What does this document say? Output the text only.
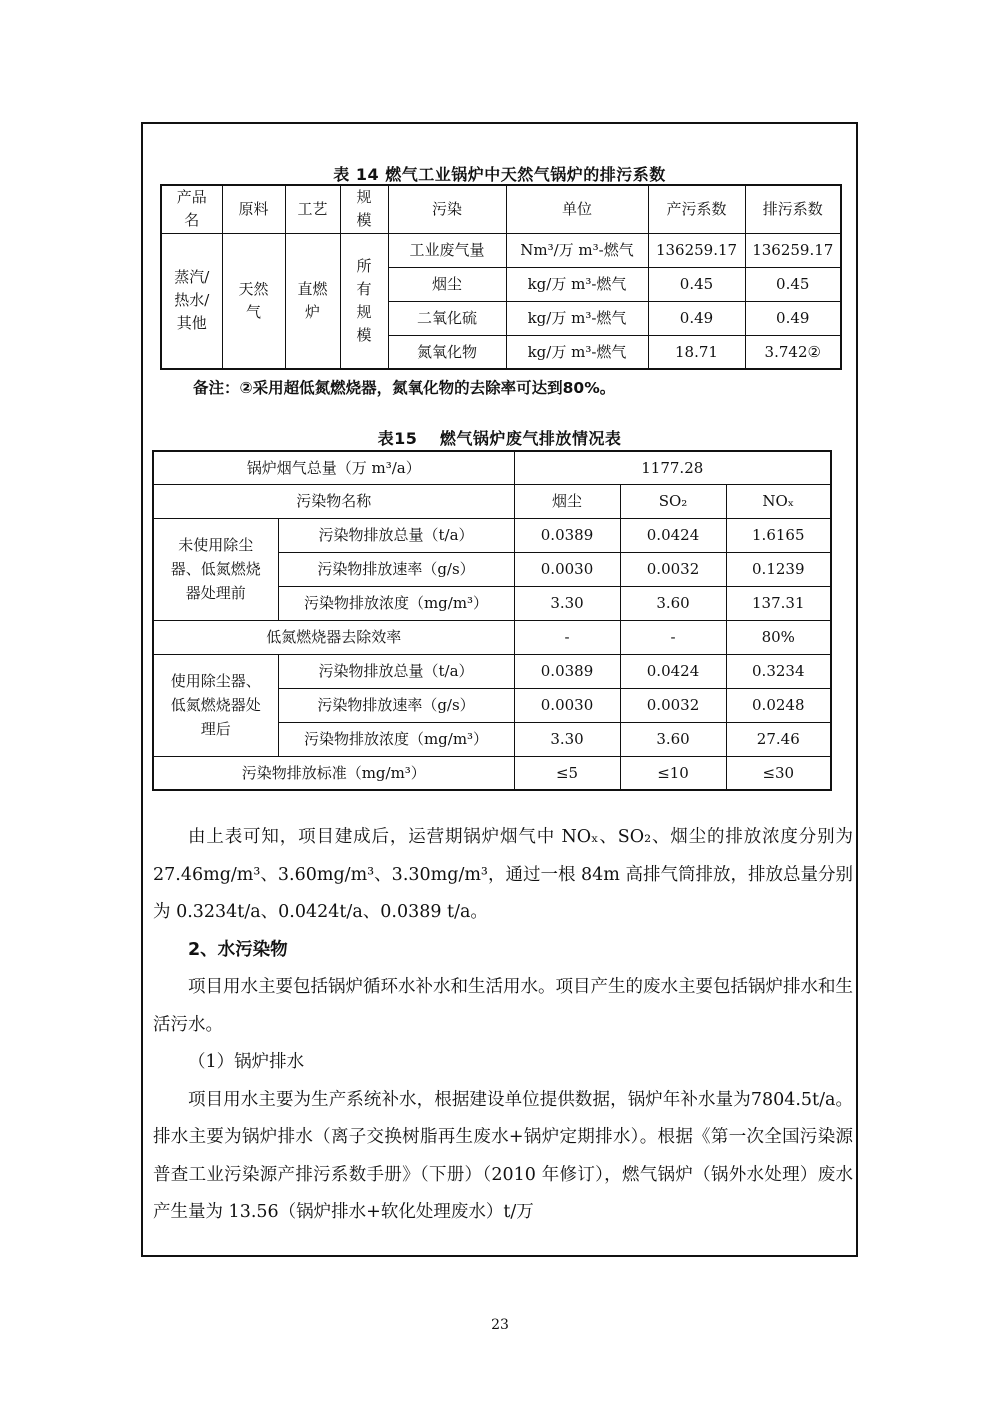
表 14 燃气工业锅炉中天然气锅炉的排污系数
产品名	原料	工艺	规模	污染	单位	产污系数	排污系数
蒸汽/热水/其他	天然气	直燃炉	所有规模	工业废气量	Nm³/万 m³-燃气	136259.17	136259.17
				烟尘	kg/万 m³-燃气	0.45	0.45
				二氧化硫	kg/万 m³-燃气	0.49	0.49
				氮氧化物	kg/万 m³-燃气	18.71	3.742②
备注：②采用超低氮燃烧器，氮氧化物的去除率可达到80%。
表15　 燃气锅炉废气排放情况表
锅炉烟气总量（万 m³/a）		1177.28		
污染物名称		烟尘	SO₂	NOₓ

未使用除尘器、低氮燃烧器处理前	污染物排放总量（t/a）	0.0389	0.0424	1.6165
	污染物排放速率（g/s）	0.0030	0.0032	0.1239
	污染物排放浓度（mg/m³）	3.30	3.60	137.31
低氮燃烧器去除效率		-	-	80%

使用除尘器、低氮燃烧器处理后	污染物排放总量（t/a）	0.0389	0.0424	0.3234
	污染物排放速率（g/s）	0.0030	0.0032	0.0248
	污染物排放浓度（mg/m³）	3.30	3.60	27.46
污染物排放标准（mg/m³）		≤5	≤10	≤30

由上表可知，项目建成后，运营期锅炉烟气中 NOₓ、SO₂、烟尘的排放浓度分别为 27.46mg/m³、3.60mg/m³、3.30mg/m³，通过一根 84m 高排气筒排放，排放总量分别为 0.3234t/a、0.0424t/a、0.0389 t/a。

2、水污染物

项目用水主要包括锅炉循环水补水和生活用水。项目产生的废水主要包括锅炉排水和生活污水。

（1）锅炉排水

项目用水主要为生产系统补水，根据建设单位提供数据，锅炉年补水量为7804.5t/a。排水主要为锅炉排水（离子交换树脂再生废水+锅炉定期排水）。根据《第一次全国污染源普查工业污染源产排污系数手册》（下册）（2010 年修订），燃气锅炉（锅外水处理）废水产生量为 13.56（锅炉排水+软化处理废水）t/万

23
